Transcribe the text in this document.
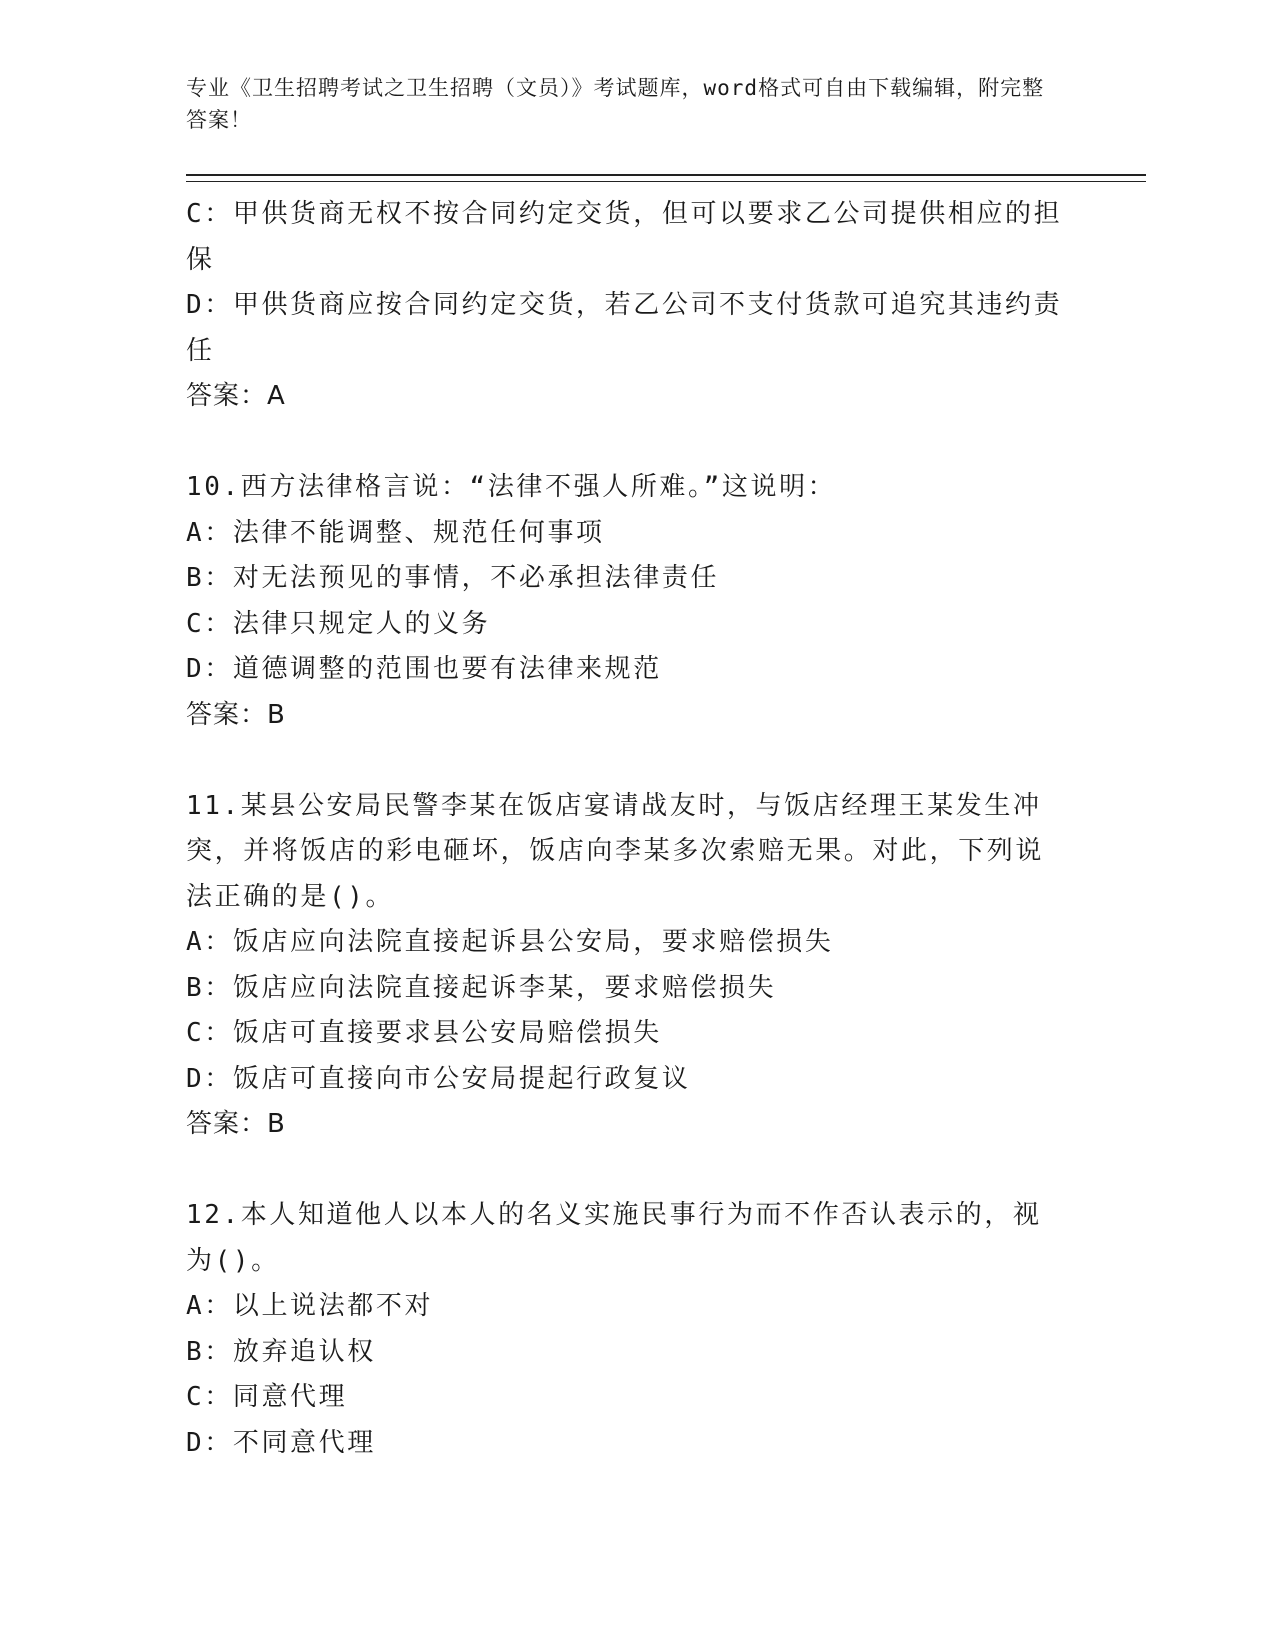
专业《卫生招聘考试之卫生招聘（文员）》考试题库，word格式可自由下载编辑，附完整答案！

C：甲供货商无权不按合同约定交货，但可以要求乙公司提供相应的担保

D：甲供货商应按合同约定交货，若乙公司不支付货款可追究其违约责任

答案：A

10.西方法律格言说：“法律不强人所难。”这说明：

A：法律不能调整、规范任何事项

B：对无法预见的事情，不必承担法律责任

C：法律只规定人的义务

D：道德调整的范围也要有法律来规范

答案：B

11.某县公安局民警李某在饭店宴请战友时，与饭店经理王某发生冲突，并将饭店的彩电砸坏，饭店向李某多次索赔无果。对此，下列说法正确的是()。

A：饭店应向法院直接起诉县公安局，要求赔偿损失

B：饭店应向法院直接起诉李某，要求赔偿损失

C：饭店可直接要求县公安局赔偿损失

D：饭店可直接向市公安局提起行政复议

答案：B

12.本人知道他人以本人的名义实施民事行为而不作否认表示的，视为()。

A：以上说法都不对

B：放弃追认权

C：同意代理

D：不同意代理
